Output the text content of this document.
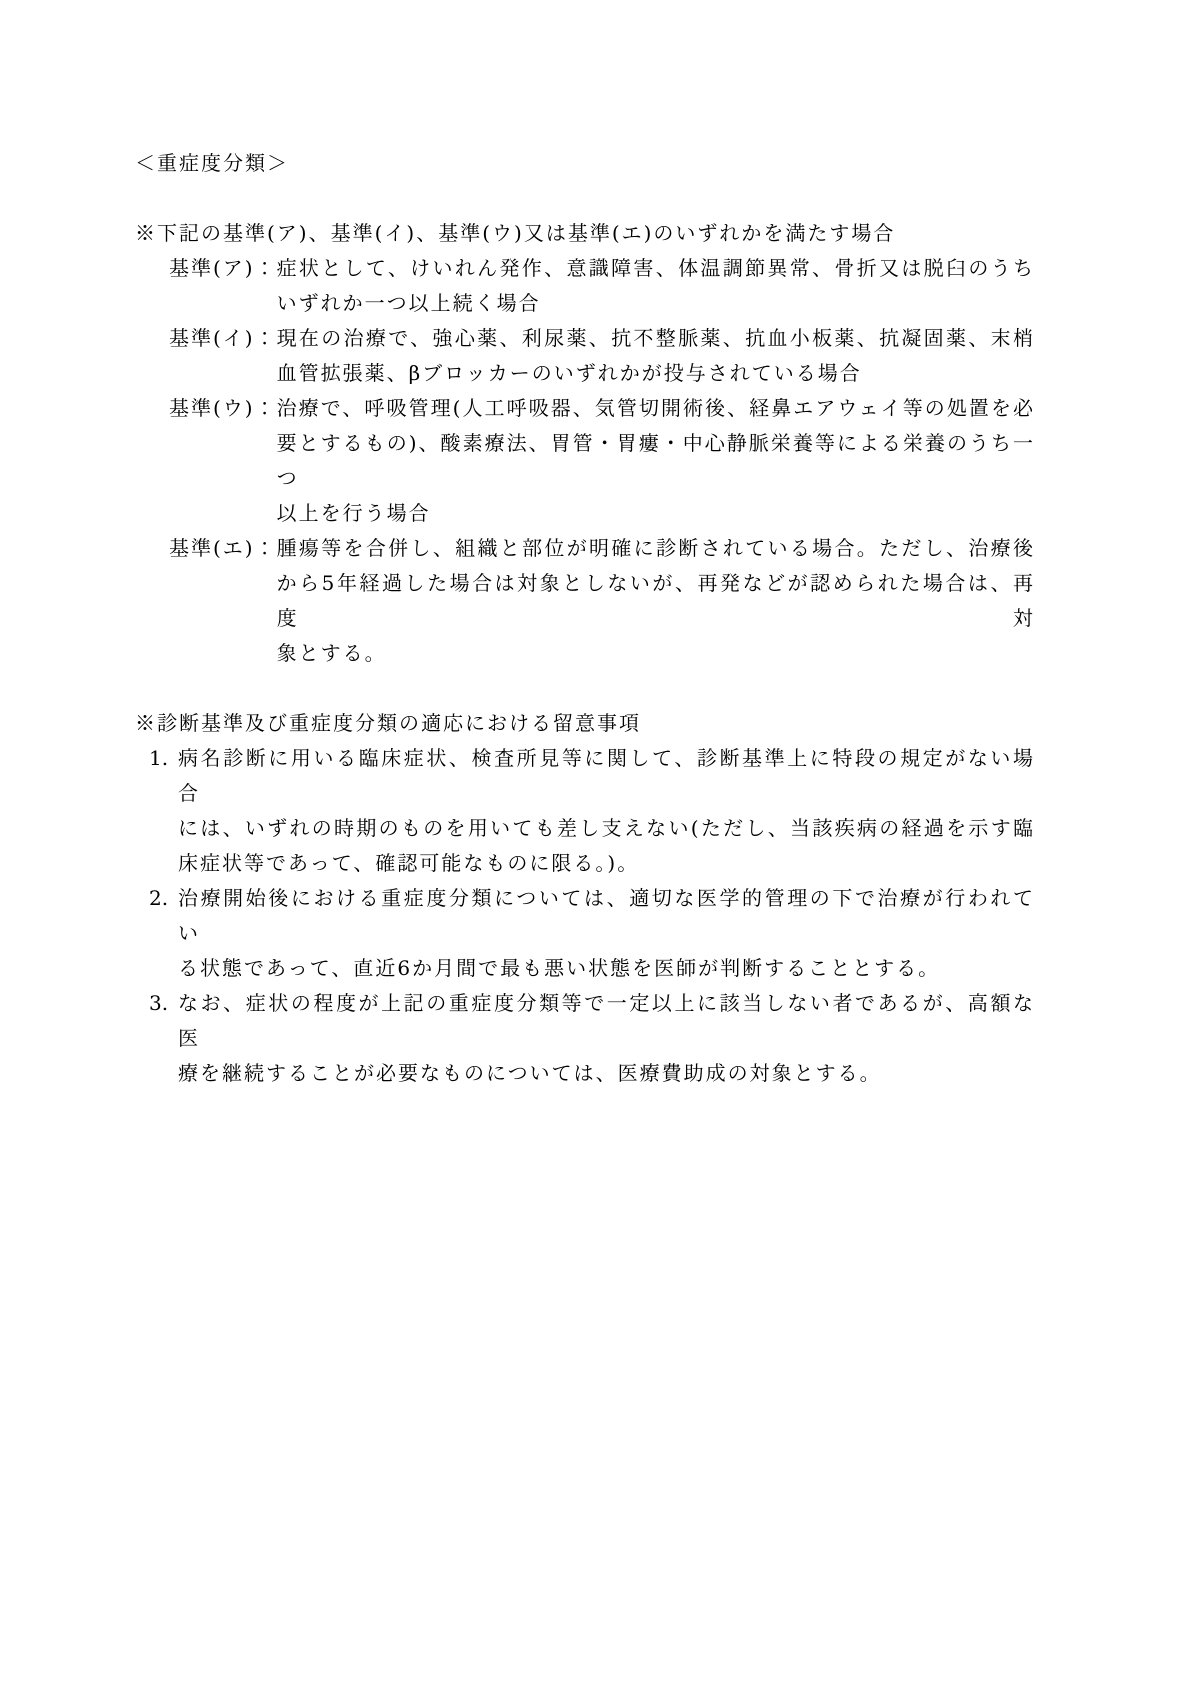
＜重症度分類＞
※下記の基準(ア)、基準(イ)、基準(ウ)又は基準(エ)のいずれかを満たす場合
基準(ア)： 症状として、けいれん発作、意識障害、体温調節異常、骨折又は脱臼のうち
いずれか一つ以上続く場合
基準(イ)： 現在の治療で、強心薬、利尿薬、抗不整脈薬、抗血小板薬、抗凝固薬、末梢
血管拡張薬、βブロッカーのいずれかが投与されている場合
基準(ウ)： 治療で、呼吸管理(人工呼吸器、気管切開術後、経鼻エアウェイ等の処置を必
要とするもの)、酸素療法、胃管・胃瘻・中心静脈栄養等による栄養のうち一つ
以上を行う場合
基準(エ)： 腫瘍等を合併し、組織と部位が明確に診断されている場合。ただし、治療後
から5年経過した場合は対象としないが、再発などが認められた場合は、再度対
象とする。
※診断基準及び重症度分類の適応における留意事項
1. 病名診断に用いる臨床症状、検査所見等に関して、診断基準上に特段の規定がない場合
には、いずれの時期のものを用いても差し支えない(ただし、当該疾病の経過を示す臨
床症状等であって、確認可能なものに限る。)。
2. 治療開始後における重症度分類については、適切な医学的管理の下で治療が行われてい
る状態であって、直近6か月間で最も悪い状態を医師が判断することとする。
3. なお、症状の程度が上記の重症度分類等で一定以上に該当しない者であるが、高額な医
療を継続することが必要なものについては、医療費助成の対象とする。
